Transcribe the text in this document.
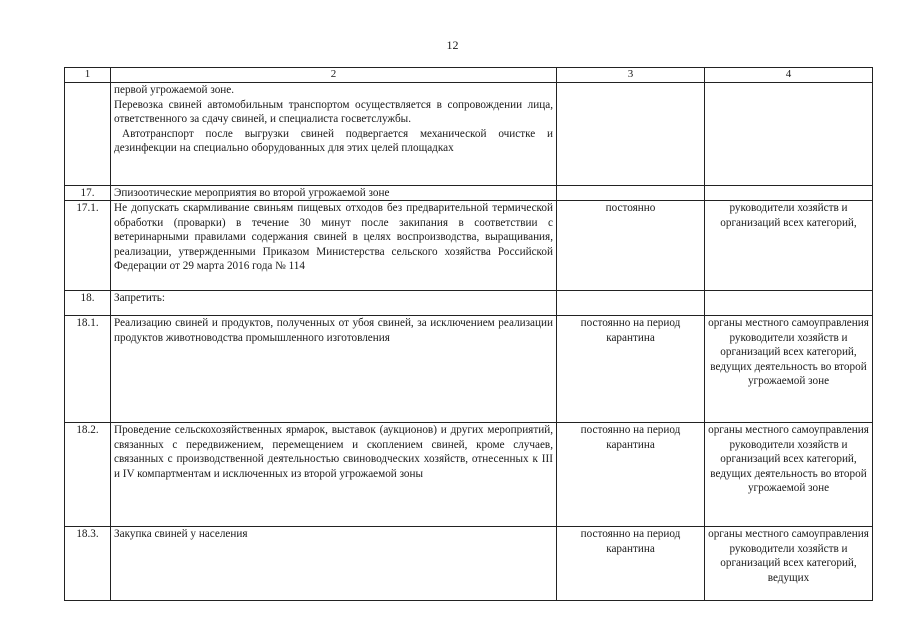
12
1	2	3	4

	первой угрожаемой зоне.

Перевозка свиней автомобильным транспортом осуществляется в сопровождении лица, ответственного за сдачу свиней, и специалиста госветслужбы.

Автотранспорт после выгрузки свиней подвергается механической очистке и дезинфекции на специально оборудованных для этих целей площадках		

17.	Эпизоотические мероприятия во второй угрожаемой зоне		
17.1.	Не допускать скармливание свиньям пищевых отходов без предварительной термической обработки (проварки) в течение 30 минут после закипания в соответствии с ветеринарными правилами содержания свиней в целях воспроизводства, выращивания, реализации, утвержденными Приказом Министерства сельского хозяйства Российской Федерации от 29 марта 2016 года № 114	постоянно	руководители хозяйств и организаций всех категорий,
18.	Запретить:		
18.1.	Реализацию свиней и продуктов, полученных от убоя свиней, за исключением реализации продуктов животноводства промышленного изготовления	постоянно на период карантина	органы местного самоуправления руководители хозяйств и организаций всех категорий, ведущих деятельность во второй угрожаемой зоне
18.2.	Проведение сельскохозяйственных ярмарок, выставок (аукционов) и других мероприятий, связанных с передвижением, перемещением и скоплением свиней, кроме случаев, связанных с производственной деятельностью свиноводческих хозяйств, отнесенных к III и IV компартментам и исключенных из второй угрожаемой зоны	постоянно на период карантина	органы местного самоуправления руководители хозяйств и организаций всех категорий, ведущих деятельность во второй угрожаемой зоне
18.3.	Закупка свиней у населения	постоянно на период карантина	органы местного самоуправления руководители хозяйств и организаций всех категорий, ведущих
